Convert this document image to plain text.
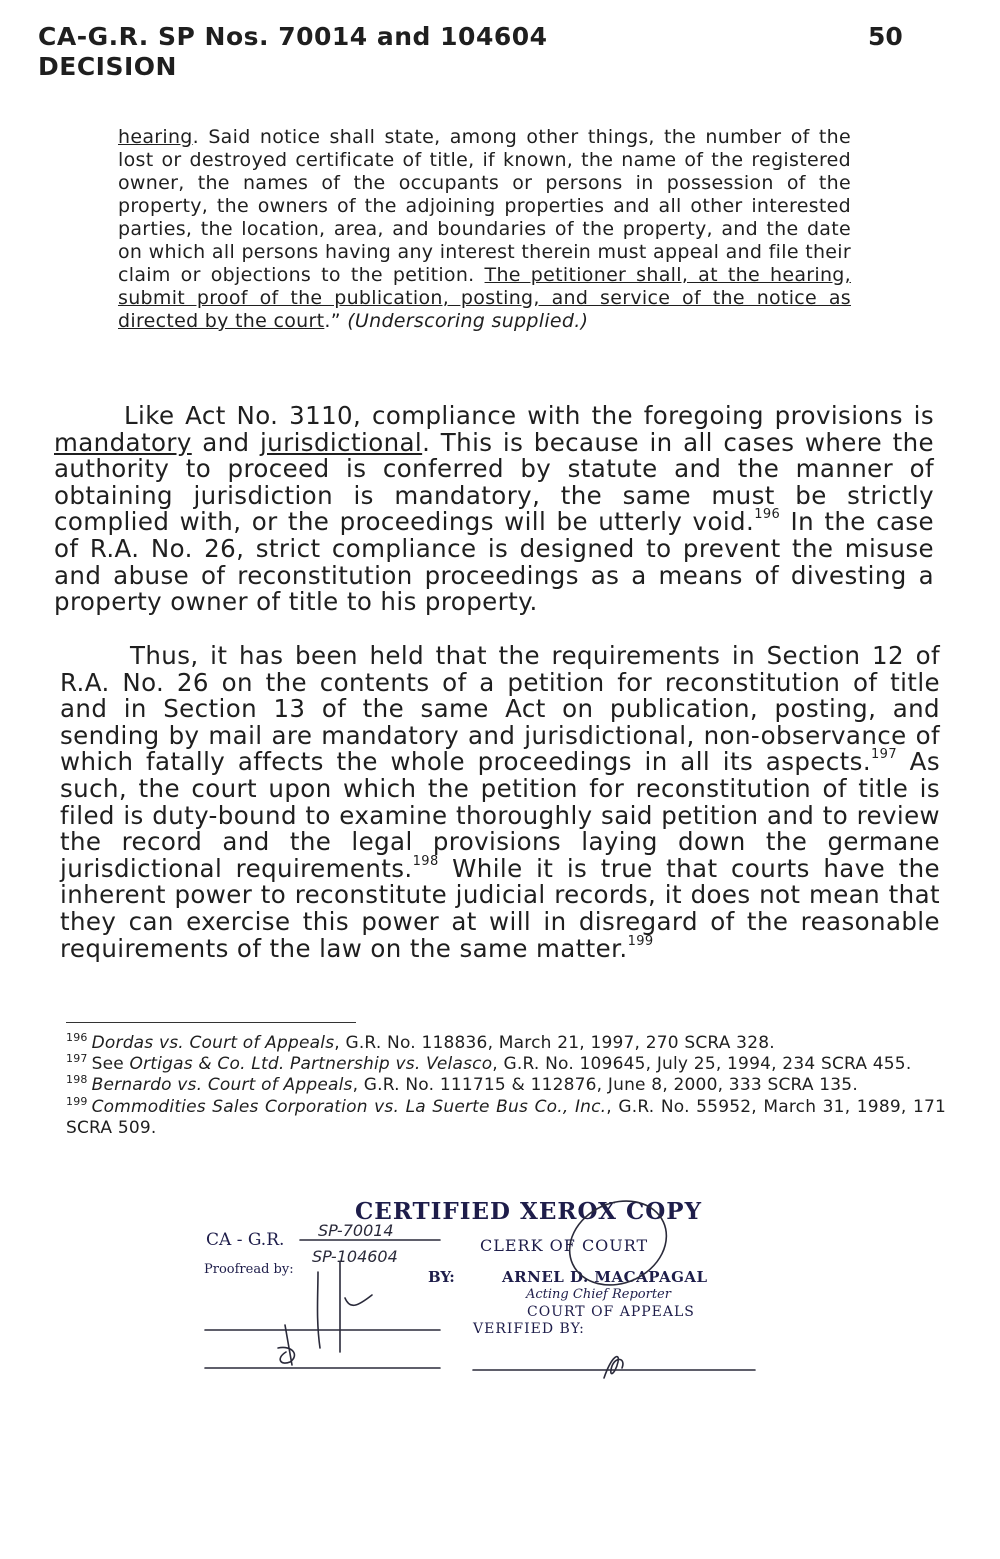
CA-G.R. SP Nos. 70014 and 104604
DECISION
50
hearing. Said notice shall state, among other things, the number of the lost or destroyed certificate of title, if known, the name of the registered owner, the names of the occupants or persons in possession of the property, the owners of the adjoining properties and all other interested parties, the location, area, and boundaries of the property, and the date on which all persons having any interest therein must appeal and file their claim or objections to the petition. The petitioner shall, at the hearing, submit proof of the publication, posting, and service of the notice as directed by the court.” (Underscoring supplied.)
Like Act No. 3110, compliance with the foregoing provisions is mandatory and jurisdictional. This is because in all cases where the authority to proceed is conferred by statute and the manner of obtaining jurisdiction is mandatory, the same must be strictly complied with, or the proceedings will be utterly void.$^{196}$ In the case of R.A. No. 26, strict compliance is designed to prevent the misuse and abuse of reconstitution proceedings as a means of divesting a property owner of title to his property.
Thus, it has been held that the requirements in Section 12 of R.A. No. 26 on the contents of a petition for reconstitution of title and in Section 13 of the same Act on publication, posting, and sending by mail are mandatory and jurisdictional, non-observance of which fatally affects the whole proceedings in all its aspects.$^{197}$ As such, the court upon which the petition for reconstitution of title is filed is duty-bound to examine thoroughly said petition and to review the record and the legal provisions laying down the germane jurisdictional requirements.$^{198}$ While it is true that courts have the inherent power to reconstitute judicial records, it does not mean that they can exercise this power at will in disregard of the reasonable requirements of the law on the same matter.$^{199}$
$^{196}$ Dordas vs. Court of Appeals, G.R. No. 118836, March 21, 1997, 270 SCRA 328.
$^{197}$ See Ortigas & Co. Ltd. Partnership vs. Velasco, G.R. No. 109645, July 25, 1994, 234 SCRA 455.
$^{198}$ Bernardo vs. Court of Appeals, G.R. No. 111715 & 112876, June 8, 2000, 333 SCRA 135.
$^{199}$ Commodities Sales Corporation vs. La Suerte Bus Co., Inc., G.R. No. 55952, March 31, 1989, 171 SCRA 509.
CERTIFIED XEROX COPY
CA - G.R.	CLERK OF COURT
Proofread by:	BY:	ARNEL D. MACAPAGAL
Acting Chief Reporter
COURT OF APPEALS
VERIFIED BY:
SP-70014
SP-104604
